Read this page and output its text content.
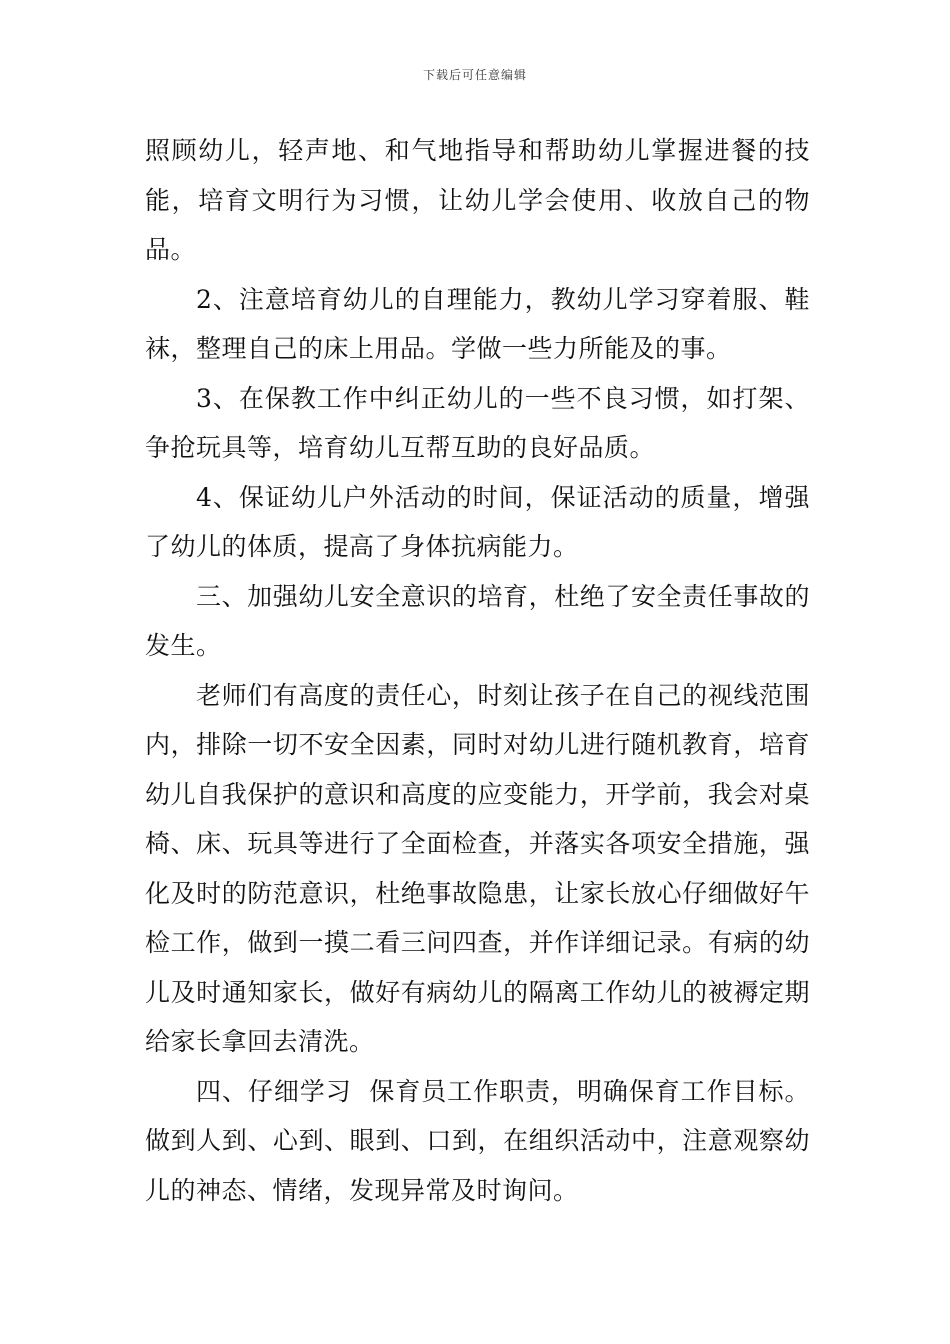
下载后可任意编辑

照顾幼儿，轻声地、和气地指导和帮助幼儿掌握进餐的技能，培育文明行为习惯，让幼儿学会使用、收放自己的物品。

2、注意培育幼儿的自理能力，教幼儿学习穿着服、鞋袜，整理自己的床上用品。学做一些力所能及的事。

3、在保教工作中纠正幼儿的一些不良习惯，如打架、争抢玩具等，培育幼儿互帮互助的良好品质。

4、保证幼儿户外活动的时间，保证活动的质量，增强了幼儿的体质，提高了身体抗病能力。

三、加强幼儿安全意识的培育，杜绝了安全责任事故的发生。

老师们有高度的责任心，时刻让孩子在自己的视线范围内，排除一切不安全因素，同时对幼儿进行随机教育，培育幼儿自我保护的意识和高度的应变能力，开学前，我会对桌椅、床、玩具等进行了全面检查，并落实各项安全措施，强化及时的防范意识，杜绝事故隐患，让家长放心仔细做好午检工作，做到一摸二看三问四查，并作详细记录。有病的幼儿及时通知家长，做好有病幼儿的隔离工作幼儿的被褥定期给家长拿回去清洗。

四、仔细学习  保育员工作职责，明确保育工作目标。做到人到、心到、眼到、口到，在组织活动中，注意观察幼儿的神态、情绪，发现异常及时询问。
